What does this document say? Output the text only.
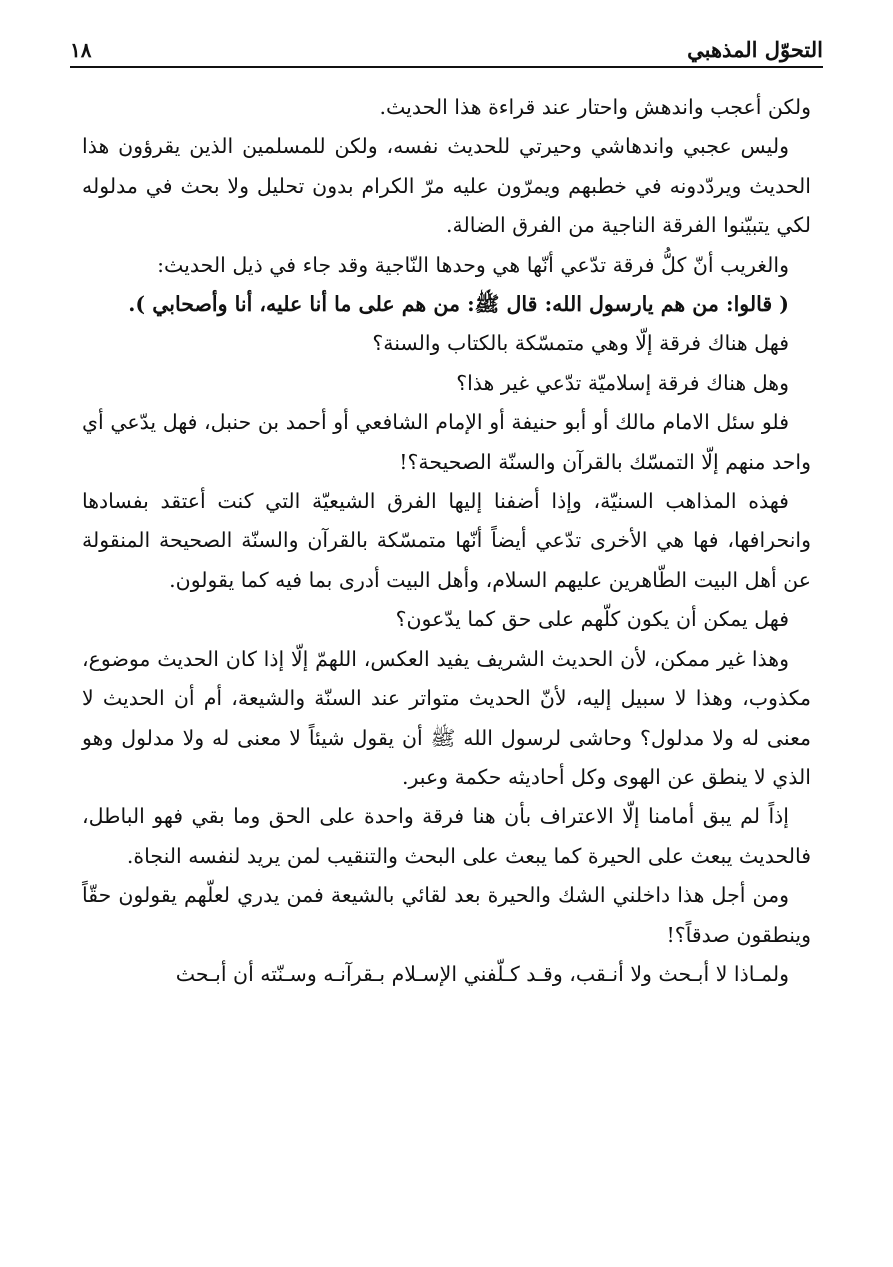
١٨	التحوّل المذهبي

ولكن أعجب واندهش واحتار عند قراءة هذا الحديث.

وليس عجبي واندهاشي وحيرتي للحديث نفسه، ولكن للمسلمين الذين يقرؤون هذا الحديث ويردّدونه في خطبهم ويمرّون عليه مرّ الكرام بدون تحليل ولا بحث في مدلوله لكي يتبيّنوا الفرقة الناجية من الفرق الضالة.

والغريب أنّ كلُّ فرقة تدّعي أنّها هي وحدها النّاجية وقد جاء في ذيل الحديث:

( قالوا: من هم يارسول الله: قال ﷺ: من هم على ما أنا عليه، أنا وأصحابي ).

فهل هناك فرقة إلّا وهي متمسّكة بالكتاب والسنة؟

وهل هناك فرقة إسلاميّة تدّعي غير هذا؟

فلو سئل الامام مالك أو أبو حنيفة أو الإمام الشافعي أو أحمد بن حنبل، فهل يدّعي أي واحد منهم إلّا التمسّك بالقرآن والسنّة الصحيحة؟!

فهذه المذاهب السنيّة، وإذا أضفنا إليها الفرق الشيعيّة التي كنت أعتقد بفسادها وانحرافها، فها هي الأخرى تدّعي أيضاً أنّها متمسّكة بالقرآن والسنّة الصحيحة المنقولة عن أهل البيت الطّاهرين عليهم السلام، وأهل البيت أدرى بما فيه كما يقولون.

فهل يمكن أن يكون كلّهم على حق كما يدّعون؟

وهذا غير ممكن، لأن الحديث الشريف يفيد العكس، اللهمّ إلّا إذا كان الحديث موضوع، مكذوب، وهذا لا سبيل إليه، لأنّ الحديث متواتر عند السنّة والشيعة، أم أن الحديث لا معنى له ولا مدلول؟ وحاشى لرسول الله ﷺ أن يقول شيئاً لا معنى له ولا مدلول وهو الذي لا ينطق عن الهوى وكل أحاديثه حكمة وعبر.

إذاً لم يبق أمامنا إلّا الاعتراف بأن هنا فرقة واحدة على الحق وما بقي فهو الباطل، فالحديث يبعث على الحيرة كما يبعث على البحث والتنقيب لمن يريد لنفسه النجاة.

ومن أجل هذا داخلني الشك والحيرة بعد لقائي بالشيعة فمن يدري لعلّهم يقولون حقّاً وينطقون صدقاً؟!

ولمـاذا لا أبـحث ولا أنـقب، وقـد كـلّفني الإسـلام بـقرآنـه وسـنّته أن أبـحث
